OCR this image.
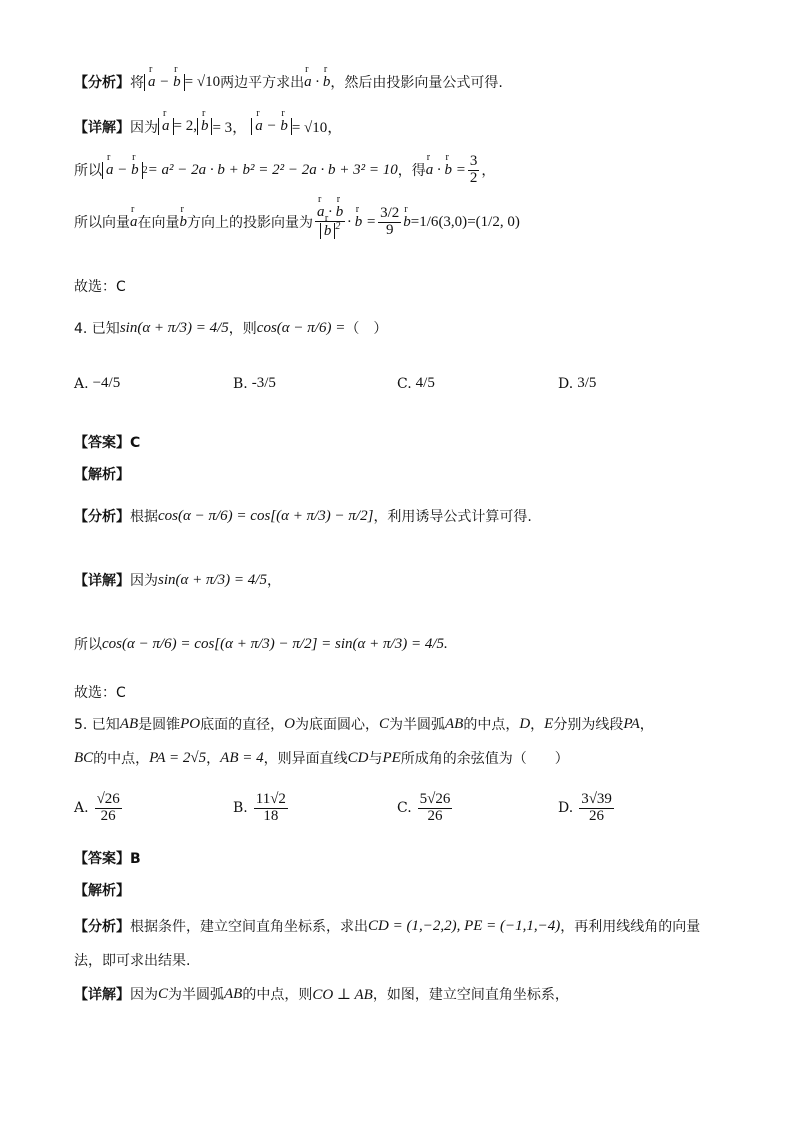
【分析】 将 r a − r b = √10 两边平方求出 r a · r b ，然后由投影向量公式可得.
【详解】 因为 r a = 2, r b = 3， r a − r b = √10，
所以 r a − r b 2 = a² − 2a · b + b² = 2² − 2a · b + 3² = 10 ，得 r a · r $b = \frac{3}{2}$ ，
所以向量 r a 在向量 r b 方向上的投影向量为 r a · r b
r b $^2$ · r $b = \frac{3/2}{9}$ r b = 1/6 (3,0) = (1/2, 0)
故选：C
4. 已知 sin(α + π/3) = 4/5 ，则 cos(α − π/6) = （　）
A. −4/5	B. -3/5	C. 4/5	D. 3/5
【答案】C
【解析】
【分析】 根据 cos(α − π/6) = cos[(α + π/3) − π/2] ，利用诱导公式计算可得.
【详解】 因为 sin(α + π/3) = 4/5 ，
所以 cos(α − π/6) = cos[(α + π/3) − π/2] = sin(α + π/3) = 4/5.
故选：C
5. 已知 AB 是圆锥 PO 底面的直径， O 为底面圆心， C 为半圆弧 AB 的中点， D ， E 分别为线段 PA ，
BC 的中点， PA = 2√5 ， AB = 4 ，则异面直线 CD 与 PE 所成角的余弦值为（　　）
A. $\frac{√26}{26}$	B. $\frac{11√2}{18}$	C. $\frac{5√26}{26}$	D. $\frac{3√39}{26}$
【答案】B
【解析】
【分析】 根据条件，建立空间直角坐标系，求出 CD = (1,−2,2), PE = (−1,1,−4) ，再利用线线角的向量
法，即可求出结果.
【详解】 因为 C 为半圆弧 AB 的中点，则 CO ⊥ AB ，如图，建立空间直角坐标系，
